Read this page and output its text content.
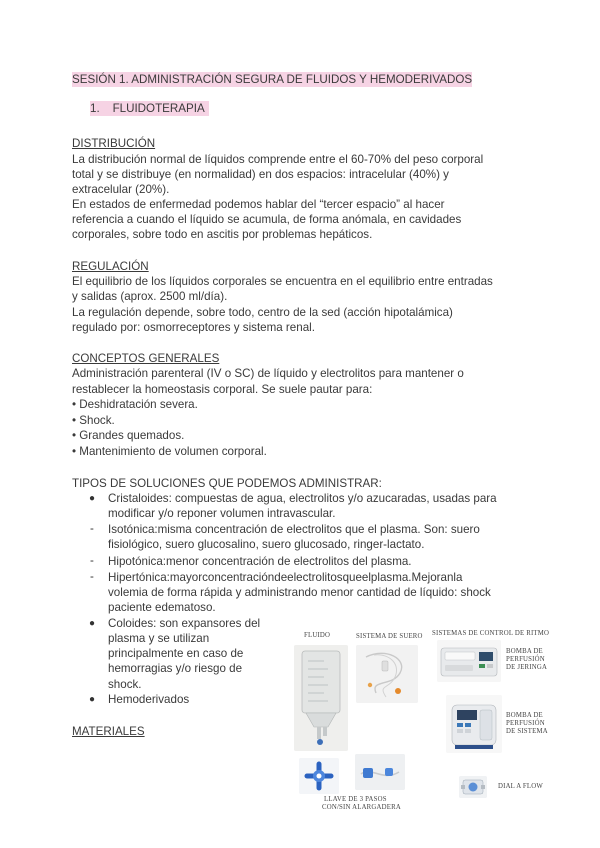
SESIÓN 1. ADMINISTRACIÓN SEGURA DE FLUIDOS Y HEMODERIVADOS
1. FLUIDOTERAPIA
DISTRIBUCIÓN
La distribución normal de líquidos comprende entre el 60-70% del peso corporal
total y se distribuye (en normalidad) en dos espacios: intracelular (40%) y
extracelular (20%).
En estados de enfermedad podemos hablar del “tercer espacio” al hacer
referencia a cuando el líquido se acumula, de forma anómala, en cavidades
corporales, sobre todo en ascitis por problemas hepáticos.
REGULACIÓN
El equilibrio de los líquidos corporales se encuentra en el equilibrio entre entradas
y salidas (aprox. 2500 ml/día).
La regulación depende, sobre todo, centro de la sed (acción hipotalámica)
regulado por: osmorreceptores y sistema renal.
CONCEPTOS GENERALES
Administración parenteral (IV o SC) de líquido y electrolitos para mantener o
restablecer la homeostasis corporal. Se suele pautar para:
• Deshidratación severa.
• Shock.
• Grandes quemados.
• Mantenimiento de volumen corporal.
TIPOS DE SOLUCIONES QUE PODEMOS ADMINISTRAR:
● Cristaloides: compuestas de agua, electrolitos y/o azucaradas, usadas para
modificar y/o reponer volumen intravascular.
- Isotónica:misma concentración de electrolitos que el plasma. Son: suero
fisiológico, suero glucosalino, suero glucosado, ringer-lactato.
- Hipotónica:menor concentración de electrolitos del plasma.
- Hipertónica:mayorconcentracióndeelectrolitosqueelplasma.Mejoranla
volemia de forma rápida y administrando menor cantidad de líquido: shock
paciente edematoso.
● Coloides: son expansores del
plasma y se utilizan
principalmente en caso de
hemorragias y/o riesgo de
shock.
● Hemoderivados
MATERIALES
FLUIDO	SISTEMA DE SUERO SISTEMAS DE CONTROL DE RITMO
BOMBA DE
PERFUSIÓN
DE JERINGA
BOMBA DE
PERFUSIÓN
DE SISTEMA
LLAVE DE 3 PASOS
CON/SIN ALARGADERA
DIAL A FLOW
